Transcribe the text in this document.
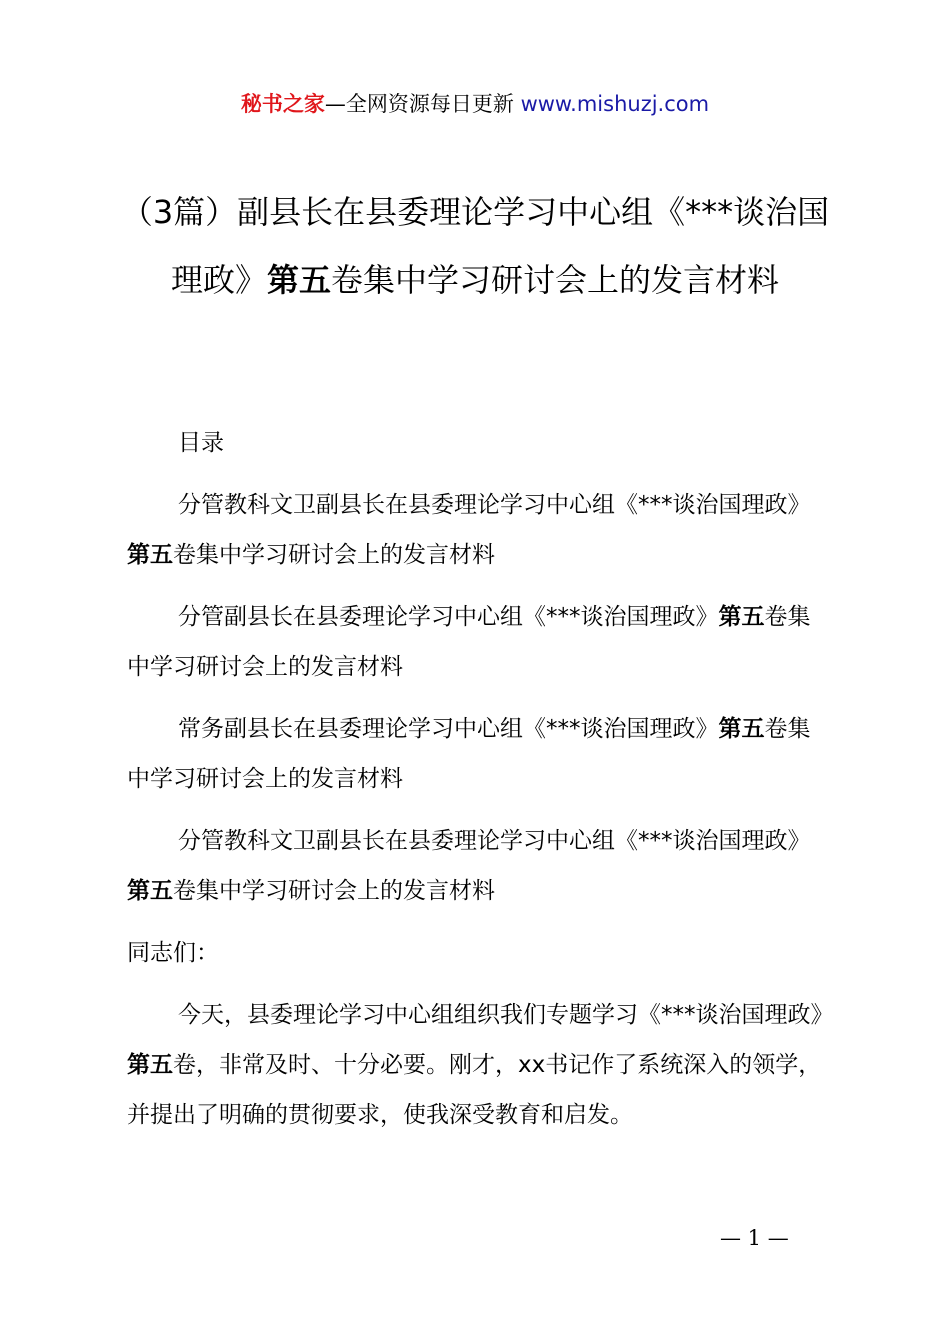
秘书之家—全网资源每日更新 www.mishuzj.com
（3篇）副县长在县委理论学习中心组《***谈治国理政》第五卷集中学习研讨会上的发言材料

目录

分管教科文卫副县长在县委理论学习中心组《***谈治国理政》第五卷集中学习研讨会上的发言材料

分管副县长在县委理论学习中心组《***谈治国理政》第五卷集中学习研讨会上的发言材料

常务副县长在县委理论学习中心组《***谈治国理政》第五卷集中学习研讨会上的发言材料

分管教科文卫副县长在县委理论学习中心组《***谈治国理政》第五卷集中学习研讨会上的发言材料

同志们：

今天，县委理论学习中心组组织我们专题学习《***谈治国理政》第五卷，非常及时、十分必要。刚才，xx书记作了系统深入的领学，并提出了明确的贯彻要求，使我深受教育和启发。

— 1 —
